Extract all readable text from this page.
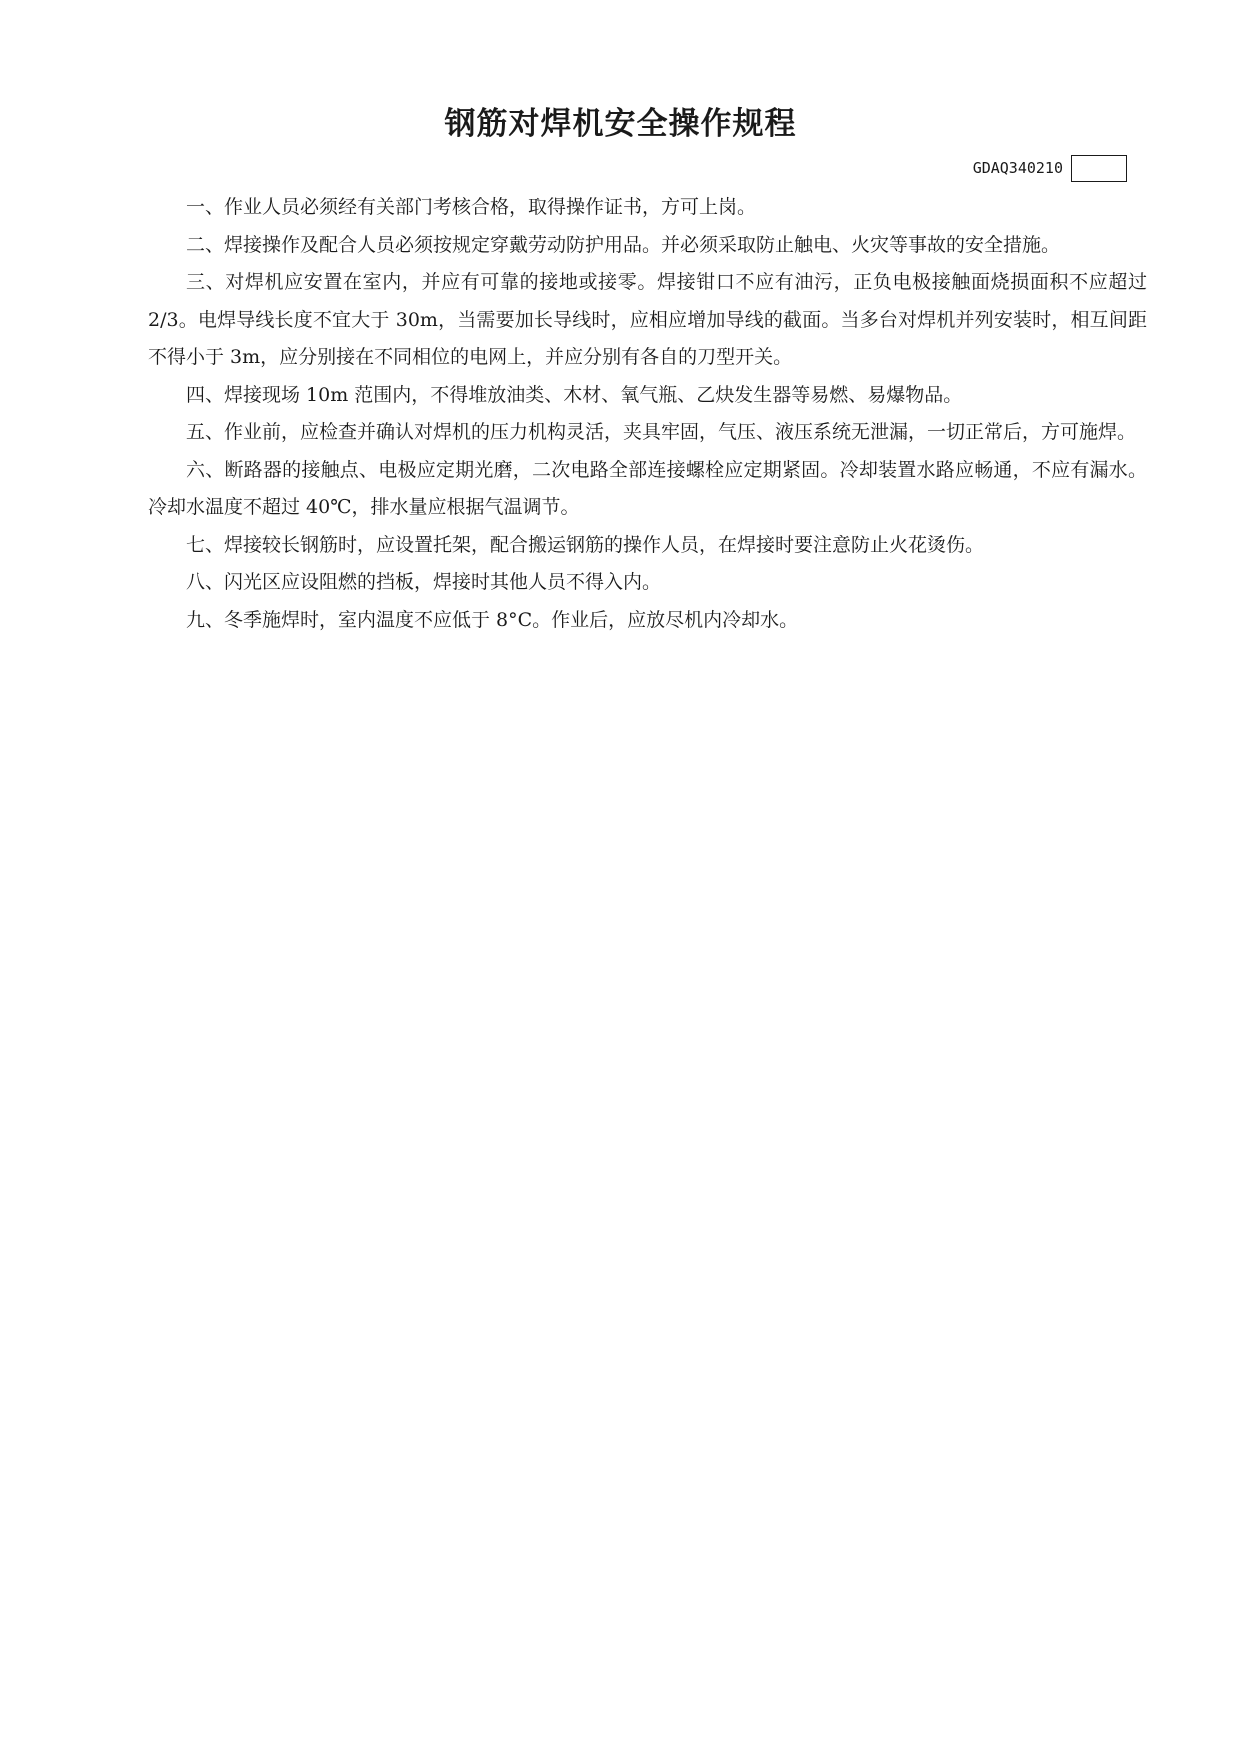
钢筋对焊机安全操作规程
GDAQ340210

一、作业人员必须经有关部门考核合格，取得操作证书，方可上岗。

二、焊接操作及配合人员必须按规定穿戴劳动防护用品。并必须采取防止触电、火灾等事故的安全措施。

三、对焊机应安置在室内，并应有可靠的接地或接零。焊接钳口不应有油污，正负电极接触面烧损面积不应超过 2/3。电焊导线长度不宜大于 30m，当需要加长导线时，应相应增加导线的截面。当多台对焊机并列安装时，相互间距不得小于 3m，应分别接在不同相位的电网上，并应分别有各自的刀型开关。

四、焊接现场 10m 范围内，不得堆放油类、木材、氧气瓶、乙炔发生器等易燃、易爆物品。

五、作业前，应检查并确认对焊机的压力机构灵活，夹具牢固，气压、液压系统无泄漏，一切正常后，方可施焊。

六、断路器的接触点、电极应定期光磨，二次电路全部连接螺栓应定期紧固。冷却装置水路应畅通，不应有漏水。冷却水温度不超过 40℃，排水量应根据气温调节。

七、焊接较长钢筋时，应设置托架，配合搬运钢筋的操作人员，在焊接时要注意防止火花烫伤。

八、闪光区应设阻燃的挡板，焊接时其他人员不得入内。

九、冬季施焊时，室内温度不应低于 8°C。作业后，应放尽机内冷却水。
